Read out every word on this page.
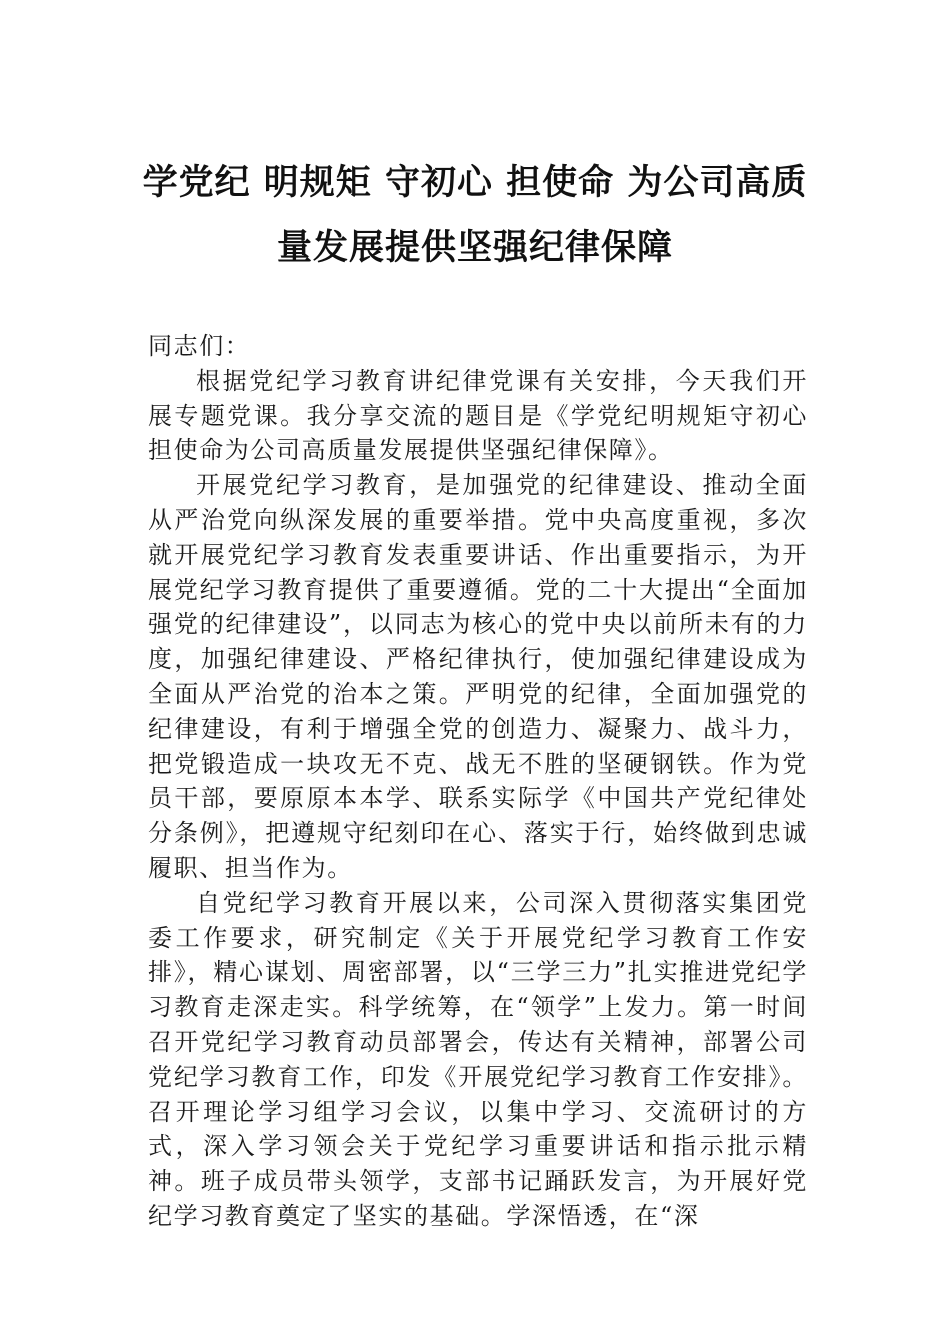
学党纪 明规矩 守初心 担使命 为公司高质
量发展提供坚强纪律保障

同志们：

根据党纪学习教育讲纪律党课有关安排，今天我们开展专题党课。我分享交流的题目是《学党纪明规矩守初心担使命为公司高质量发展提供坚强纪律保障》。

开展党纪学习教育，是加强党的纪律建设、推动全面从严治党向纵深发展的重要举措。党中央高度重视，多次就开展党纪学习教育发表重要讲话、作出重要指示，为开展党纪学习教育提供了重要遵循。党的二十大提出“全面加强党的纪律建设”，以同志为核心的党中央以前所未有的力度，加强纪律建设、严格纪律执行，使加强纪律建设成为全面从严治党的治本之策。严明党的纪律，全面加强党的纪律建设，有利于增强全党的创造力、凝聚力、战斗力，把党锻造成一块攻无不克、战无不胜的坚硬钢铁。作为党员干部，要原原本本学、联系实际学《中国共产党纪律处分条例》，把遵规守纪刻印在心、落实于行，始终做到忠诚履职、担当作为。

自党纪学习教育开展以来，公司深入贯彻落实集团党委工作要求，研究制定《关于开展党纪学习教育工作安排》，精心谋划、周密部署，以“三学三力”扎实推进党纪学习教育走深走实。科学统筹，在“领学”上发力。第一时间召开党纪学习教育动员部署会，传达有关精神，部署公司党纪学习教育工作，印发《开展党纪学习教育工作安排》。召开理论学习组学习会议，以集中学习、交流研讨的方式，深入学习领会关于党纪学习重要讲话和指示批示精神。班子成员带头领学，支部书记踊跃发言，为开展好党纪学习教育奠定了坚实的基础。学深悟透，在“深
